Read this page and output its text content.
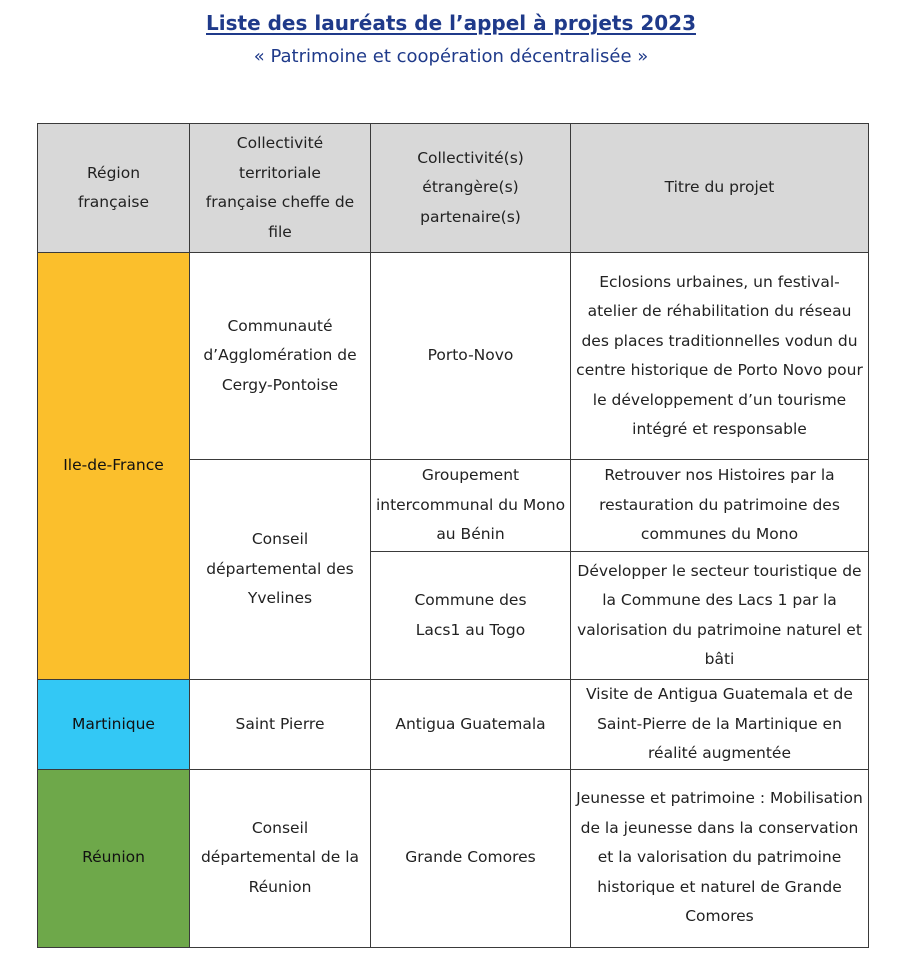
Liste des lauréats de l’appel à projets 2023
« Patrimoine et coopération décentralisée »
Région française	Collectivité territoriale française cheffe de file	Collectivité(s) étrangère(s) partenaire(s)	Titre du projet
Ile-de-France	Communauté d’Agglomération de Cergy-Pontoise	Porto-Novo	Eclosions urbaines, un festival-atelier de réhabilitation du réseau des places traditionnelles vodun du centre historique de Porto Novo pour le développement d’un tourisme intégré et responsable
	Conseil départemental des Yvelines	Groupement intercommunal du Mono au Bénin	Retrouver nos Histoires par la restauration du patrimoine des communes du Mono
		Commune des Lacs1 au Togo	Développer le secteur touristique de la Commune des Lacs 1 par la valorisation du patrimoine naturel et bâti
Martinique	Saint Pierre	Antigua Guatemala	Visite de Antigua Guatemala et de Saint-Pierre de la Martinique en réalité augmentée
Réunion	Conseil départemental de la Réunion	Grande Comores	Jeunesse et patrimoine : Mobilisation de la jeunesse dans la conservation et la valorisation du patrimoine historique et naturel de Grande Comores
